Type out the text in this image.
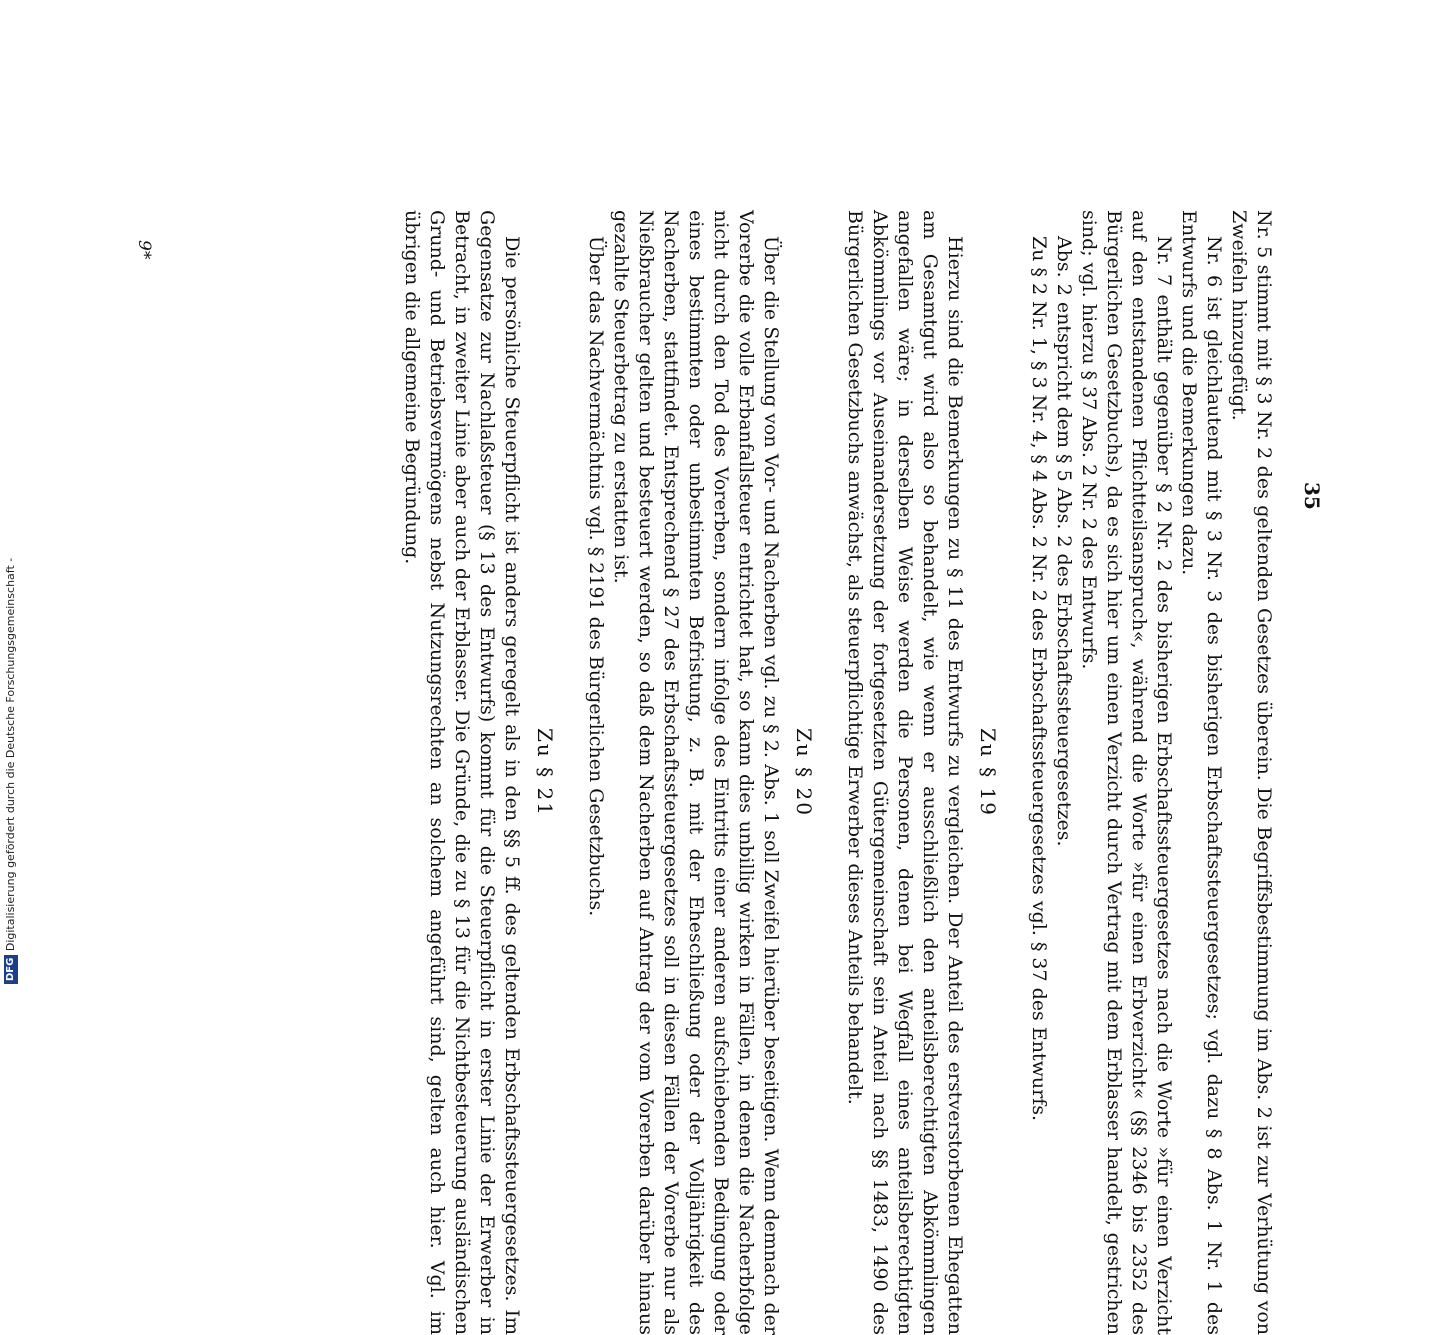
35

Nr. 5 stimmt mit § 3 Nr. 2 des geltenden Gesetzes überein. Die Begriffsbestimmung im Abs. 2 ist zur Verhütung von Zweifeln hinzugefügt.

Nr. 6 ist gleichlautend mit § 3 Nr. 3 des bisherigen Erbschaftssteuergesetzes; vgl. dazu § 8 Abs. 1 Nr. 1 des Entwurfs und die Bemerkungen dazu.

Nr. 7 enthält gegenüber § 2 Nr. 2 des bisherigen Erbschaftssteuergesetzes nach die Worte »für einen Verzicht auf den entstandenen Pflichtteilsanspruch«, während die Worte »für einen Erbverzicht« (§§ 2346 bis 2352 des Bürgerlichen Gesetzbuchs), da es sich hier um einen Verzicht durch Vertrag mit dem Erblasser handelt, gestrichen sind; vgl. hierzu § 37 Abs. 2 Nr. 2 des Entwurfs.

Abs. 2 entspricht dem § 5 Abs. 2 des Erbschaftssteuergesetzes.

Zu § 2 Nr. 1, § 3 Nr. 4, § 4 Abs. 2 Nr. 2 des Erbschaftssteuergesetzes vgl. § 37 des Entwurfs.

Zu § 19

Hierzu sind die Bemerkungen zu § 11 des Entwurfs zu vergleichen. Der Anteil des erstverstorbenen Ehegatten am Gesamtgut wird also so behandelt, wie wenn er ausschließlich den anteilsberechtigten Abkömmlingen angefallen wäre; in derselben Weise werden die Personen, denen bei Wegfall eines anteilsberechtigten Abkömmlings vor Auseinandersetzung der fortgesetzten Gütergemeinschaft sein Anteil nach §§ 1483, 1490 des Bürgerlichen Gesetzbuchs anwächst, als steuerpflichtige Erwerber dieses Anteils behandelt.

Zu § 20

Über die Stellung von Vor- und Nacherben vgl. zu § 2. Abs. 1 soll Zweifel hierüber beseitigen. Wenn demnach der Vorerbe die volle Erbanfallsteuer entrichtet hat, so kann dies unbillig wirken in Fällen, in denen die Nacherbfolge nicht durch den Tod des Vorerben, sondern infolge des Eintritts einer anderen aufschiebenden Bedingung oder eines bestimmten oder unbestimmten Befristung, z. B. mit der Eheschließung oder der Volljährigkeit des Nacherben, stattfindet. Entsprechend § 27 des Erbschaftssteuergesetzes soll in diesen Fällen der Vorerbe nur als Nießbraucher gelten und besteuert werden, so daß dem Nacherben auf Antrag der vom Vorerben darüber hinaus gezahlte Steuerbetrag zu erstatten ist.

Über das Nachvermächtnis vgl. § 2191 des Bürgerlichen Gesetzbuchs.

Zu § 21

Die persönliche Steuerpflicht ist anders geregelt als in den §§ 5 ff. des geltenden Erbschaftssteuergesetzes. Im Gegensatze zur Nachlaßsteuer (§ 13 des Entwurfs) kommt für die Steuerpflicht in erster Linie der Erwerber in Betracht, in zweiter Linie aber auch der Erblasser. Die Gründe, die zu § 13 für die Nichtbesteuerung ausländischen Grund- und Betriebsvermögens nebst Nutzungsrechten an solchem angeführt sind, gelten auch hier. Vgl. im übrigen die allgemeine Begründung.

9*
DFG Digitalisierung gefördert durch die Deutsche Forschungsgemeinschaft -
